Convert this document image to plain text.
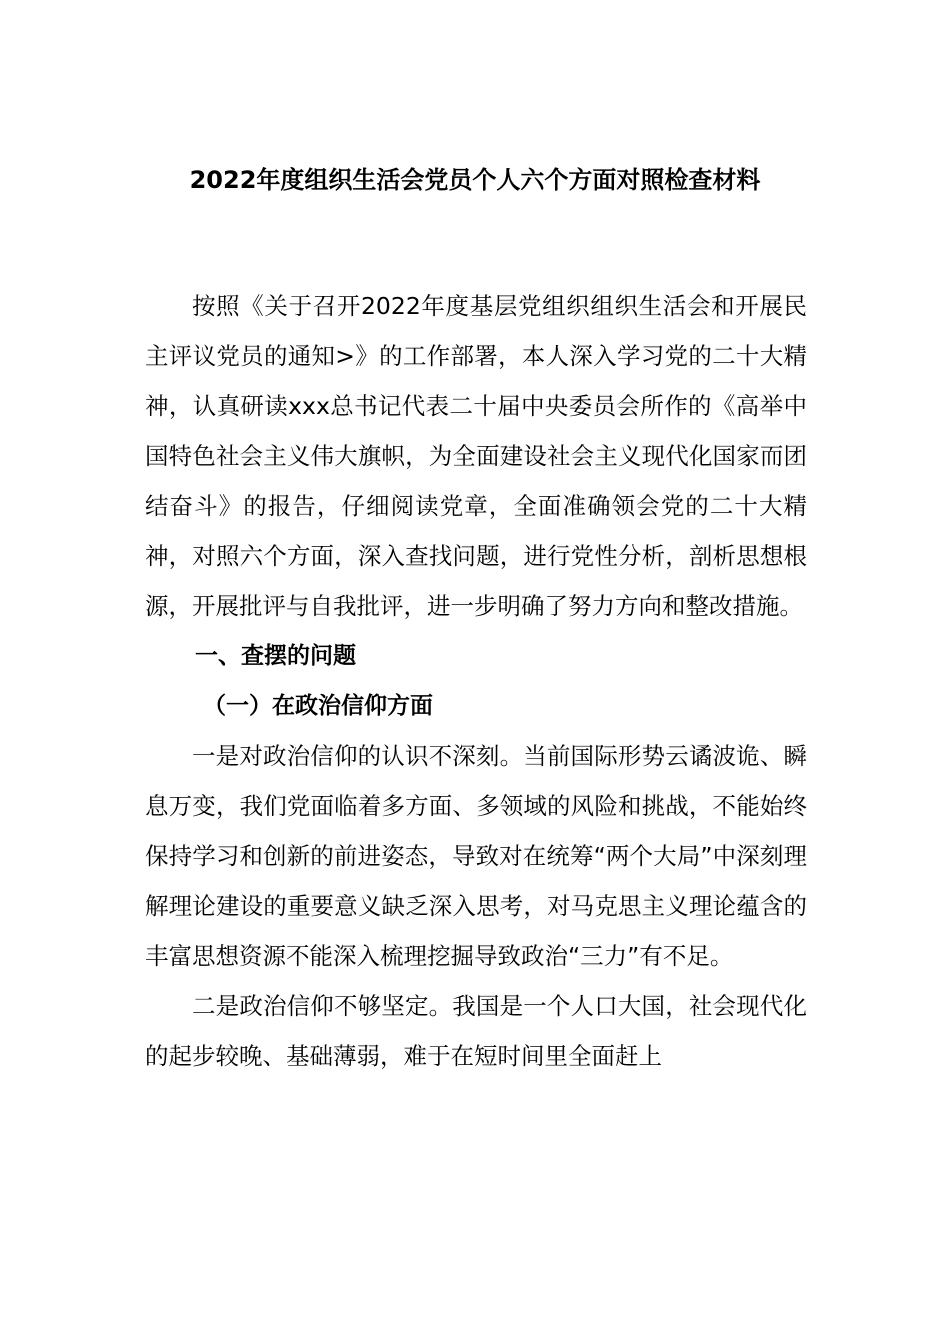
2022年度组织生活会党员个人六个方面对照检查材料

按照《关于召开2022年度基层党组织组织生活会和开展民主评议党员的通知>》的工作部署，本人深入学习党的二十大精神，认真研读xxx总书记代表二十届中央委员会所作的《高举中国特色社会主义伟大旗帜，为全面建设社会主义现代化国家而团结奋斗》的报告，仔细阅读党章，全面准确领会党的二十大精神，对照六个方面，深入查找问题，进行党性分析，剖析思想根源，开展批评与自我批评，进一步明确了努力方向和整改措施。

一、查摆的问题

（一）在政治信仰方面

一是对政治信仰的认识不深刻。当前国际形势云谲波诡、瞬息万变，我们党面临着多方面、多领域的风险和挑战，不能始终保持学习和创新的前进姿态，导致对在统筹“两个大局”中深刻理解理论建设的重要意义缺乏深入思考，对马克思主义理论蕴含的丰富思想资源不能深入梳理挖掘导致政治“三力”有不足。

二是政治信仰不够坚定。我国是一个人口大国，社会现代化的起步较晚、基础薄弱，难于在短时间里全面赶上
